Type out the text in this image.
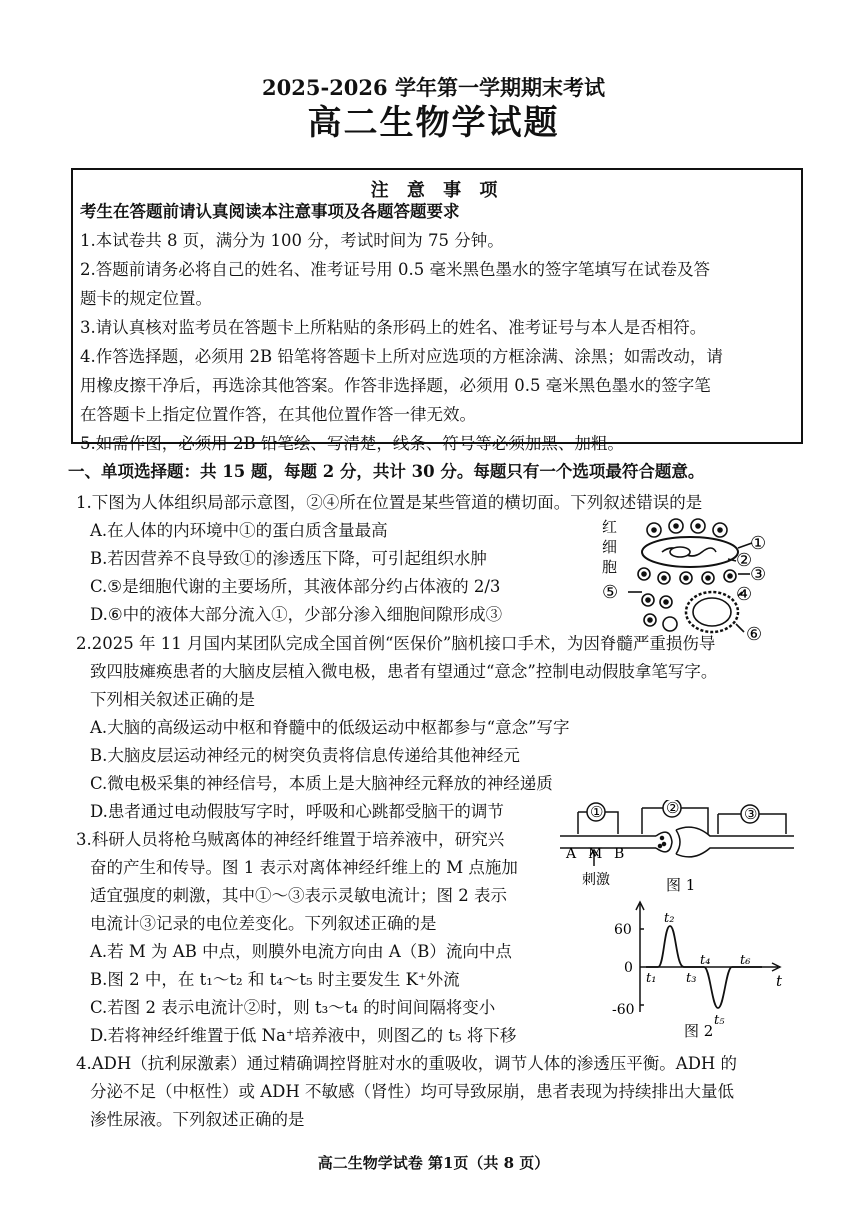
2025-2026 学年第一学期期末考试
高二生物学试题
注 意 事 项
考生在答题前请认真阅读本注意事项及各题答题要求
1.本试卷共 8 页，满分为 100 分，考试时间为 75 分钟。
2.答题前请务必将自己的姓名、准考证号用 0.5 毫米黑色墨水的签字笔填写在试卷及答
题卡的规定位置。
3.请认真核对监考员在答题卡上所粘贴的条形码上的姓名、准考证号与本人是否相符。
4.作答选择题，必须用 2B 铅笔将答题卡上所对应选项的方框涂满、涂黑；如需改动，请
用橡皮擦干净后，再选涂其他答案。作答非选择题，必须用 0.5 毫米黑色墨水的签字笔
在答题卡上指定位置作答，在其他位置作答一律无效。
5.如需作图，必须用 2B 铅笔绘、写清楚，线条、符号等必须加黑、加粗。
一、单项选择题：共 15 题，每题 2 分，共计 30 分。每题只有一个选项最符合题意。
1.下图为人体组织局部示意图，②④所在位置是某些管道的横切面。下列叙述错误的是
A.在人体的内环境中①的蛋白质含量最高
B.若因营养不良导致①的渗透压下降，可引起组织水肿
C.⑤是细胞代谢的主要场所，其液体部分约占体液的 2/3
D.⑥中的液体大部分流入①，少部分渗入细胞间隙形成③
红
细
胞
①
②
③
④
⑤
⑥
2.2025 年 11 月国内某团队完成全国首例“医保价”脑机接口手术，为因脊髓严重损伤导
致四肢瘫痪患者的大脑皮层植入微电极，患者有望通过“意念”控制电动假肢拿笔写字。
下列相关叙述正确的是
A.大脑的高级运动中枢和脊髓中的低级运动中枢都参与“意念”写字
B.大脑皮层运动神经元的树突负责将信息传递给其他神经元
C.微电极采集的神经信号，本质上是大脑神经元释放的神经递质
D.患者通过电动假肢写字时，呼吸和心跳都受脑干的调节
3.科研人员将枪乌贼离体的神经纤维置于培养液中，研究兴
奋的产生和传导。图 1 表示对离体神经纤维上的 M 点施加
适宜强度的刺激，其中①～③表示灵敏电流计；图 2 表示
电流计③记录的电位差变化。下列叙述正确的是
A.若 M 为 AB 中点，则膜外电流方向由 A（B）流向中点
B.图 2 中，在 t₁～t₂ 和 t₄～t₅ 时主要发生 K⁺外流
C.若图 2 表示电流计②时，则 t₃～t₄ 的时间间隔将变小
D.若将神经纤维置于低 Na⁺培养液中，则图乙的 t₅ 将下移
①	②	③
A M B
刺激	图 1
60
0
-60
t
t₁
t₂
t₃
t₄
t₅
t₆
图 2
4.ADH（抗利尿激素）通过精确调控肾脏对水的重吸收，调节人体的渗透压平衡。ADH 的
分泌不足（中枢性）或 ADH 不敏感（肾性）均可导致尿崩，患者表现为持续排出大量低
渗性尿液。下列叙述正确的是
高二生物学试卷 第1页（共 8 页）
